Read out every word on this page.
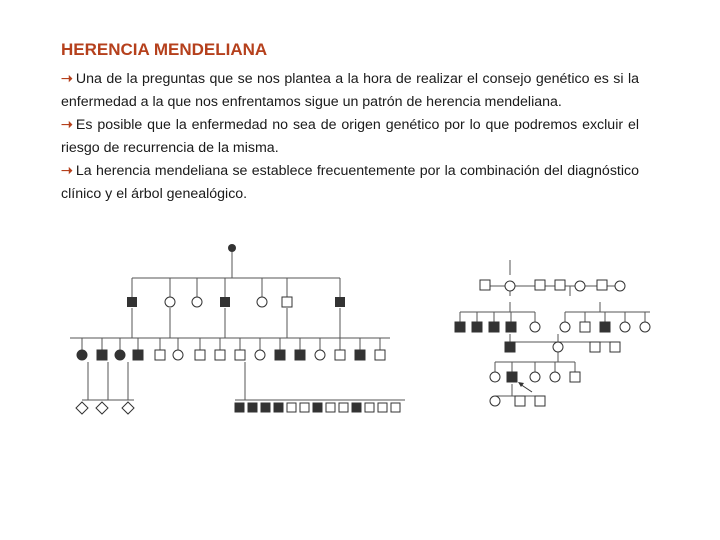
HERENCIA MENDELIANA

➝ Una de la preguntas que se nos plantea a la hora de realizar el consejo genético es si la enfermedad a la que nos enfrentamos sigue un patrón de herencia mendeliana.

➝ Es posible que la enfermedad no sea de origen genético por lo que podremos excluir el riesgo de recurrencia de la misma.

➝ La herencia mendeliana se establece frecuentemente por la combinación del diagnóstico clínico y el árbol genealógico.
